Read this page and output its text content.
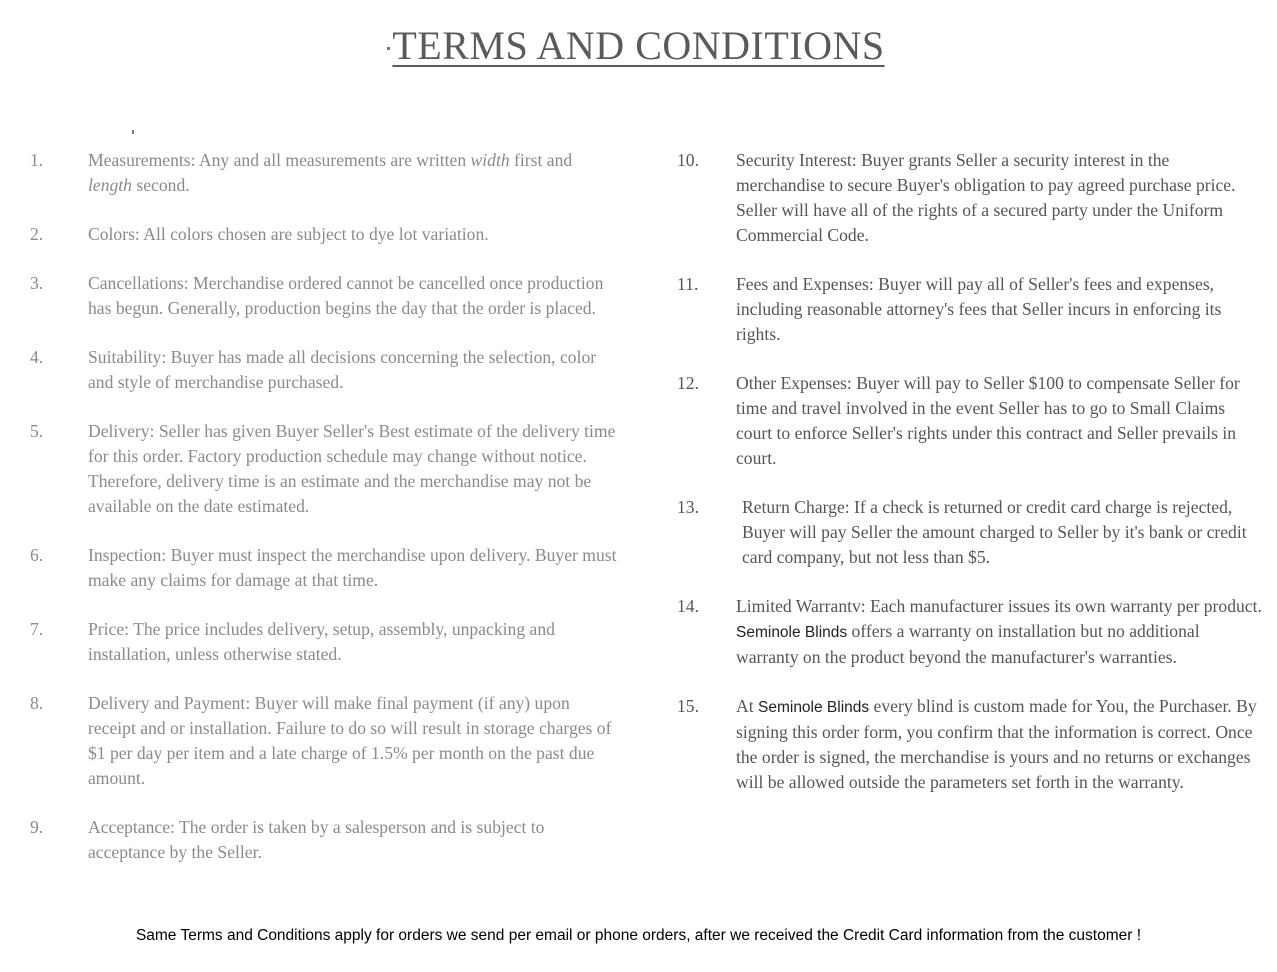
TERMS AND CONDITIONS
1.	Measurements: Any and all measurements are written width first and length second.
2.	Colors: All colors chosen are subject to dye lot variation.
3.	Cancellations: Merchandise ordered cannot be cancelled once production has begun. Generally, production begins the day that the order is placed.
4.	Suitability: Buyer has made all decisions concerning the selection, color and style of merchandise purchased.
5.	Delivery: Seller has given Buyer Seller's Best estimate of the delivery time for this order. Factory production schedule may change without notice. Therefore, delivery time is an estimate and the merchandise may not be available on the date estimated.
6.	Inspection: Buyer must inspect the merchandise upon delivery. Buyer must make any claims for damage at that time.
7.	Price: The price includes delivery, setup, assembly, unpacking and installation, unless otherwise stated.
8.	Delivery and Payment: Buyer will make final payment (if any) upon receipt and or installation. Failure to do so will result in storage charges of $1 per day per item and a late charge of 1.5% per month on the past due amount.
9.	Acceptance: The order is taken by a salesperson and is subject to acceptance by the Seller.
10.	Security Interest: Buyer grants Seller a security interest in the merchandise to secure Buyer's obligation to pay agreed purchase price. Seller will have all of the rights of a secured party under the Uniform Commercial Code.
11.	Fees and Expenses: Buyer will pay all of Seller's fees and expenses, including reasonable attorney's fees that Seller incurs in enforcing its rights.
12.	Other Expenses: Buyer will pay to Seller $100 to compensate Seller for time and travel involved in the event Seller has to go to Small Claims court to enforce Seller's rights under this contract and Seller prevails in court.
13.	Return Charge: If a check is returned or credit card charge is rejected, Buyer will pay Seller the amount charged to Seller by it's bank or credit card company, but not less than $5.
14.	Limited Warrantv: Each manufacturer issues its own warranty per product. Seminole Blinds offers a warranty on installation but no additional warranty on the product beyond the manufacturer's warranties.
15.	At Seminole Blinds every blind is custom made for You, the Purchaser. By signing this order form, you confirm that the information is correct. Once the order is signed, the merchandise is yours and no returns or exchanges will be allowed outside the parameters set forth in the warranty.
Same Terms and Conditions apply for orders we send per email or phone orders, after we received the Credit Card information from the customer !
